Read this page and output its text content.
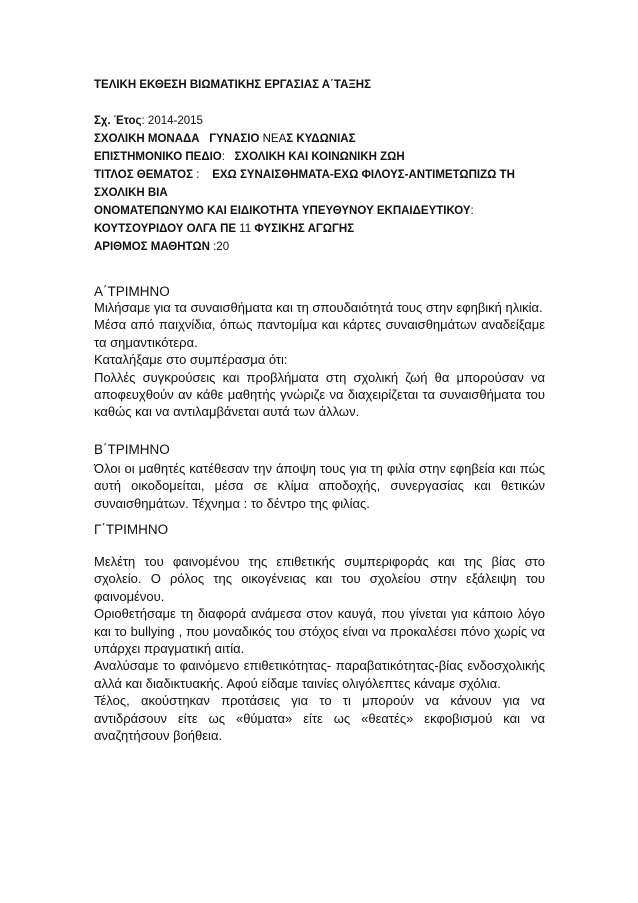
ΤΕΛΙΚΗ ΕΚΘΕΣΗ ΒΙΩΜΑΤΙΚΗΣ ΕΡΓΑΣΙΑΣ Α΄ΤΑΞΗΣ
Σχ. Έτος: 2014-2015
ΣΧΟΛΙΚΗ ΜΟΝΑΔΑ ΓΥΝΑΣΙΟ ΝΕΑΣ ΚΥΔΩΝΙΑΣ
ΕΠΙΣΤΗΜΟΝΙΚΟ ΠΕΔΙΟ: ΣΧΟΛΙΚΗ ΚΑΙ ΚΟΙΝΩΝΙΚΗ ΖΩΗ
ΤΙΤΛΟΣ ΘΕΜΑΤΟΣ : ΕΧΩ ΣΥΝΑΙΣΘΗΜΑΤΑ-ΕΧΩ ΦΙΛΟΥΣ-ΑΝΤΙΜΕΤΩΠΙΖΩ ΤΗ
ΣΧΟΛΙΚΗ ΒΙΑ
ΟΝΟΜΑΤΕΠΩΝΥΜΟ ΚΑΙ ΕΙΔΙΚΟΤΗΤΑ ΥΠΕΥΘΥΝΟΥ ΕΚΠΑΙΔΕΥΤΙΚΟΥ:
ΚΟΥΤΣΟΥΡΙΔΟΥ ΟΛΓΑ ΠΕ 11 ΦΥΣΙΚΗΣ ΑΓΩΓΗΣ
ΑΡΙΘΜΟΣ ΜΑΘΗΤΩΝ :20
Α΄ΤΡΙΜΗΝΟ

Μιλήσαμε για τα συναισθήματα και τη σπουδαιότητά τους στην εφηβική ηλικία.

Μέσα από παιχνίδια, όπως παντομίμα και κάρτες συναισθημάτων αναδείξαμε τα σημαντικότερα.

Καταλήξαμε στο συμπέρασμα ότι:

Πολλές συγκρούσεις και προβλήματα στη σχολική ζωή θα μπορούσαν να αποφευχθούν αν κάθε μαθητής γνώριζε να διαχειρίζεται τα συναισθήματα του καθώς και να αντιλαμβάνεται αυτά των άλλων.

Β΄ΤΡΙΜΗΝΟ

Όλοι οι μαθητές κατέθεσαν την άποψη τους για τη φιλία στην εφηβεία και πώς αυτή οικοδομείται, μέσα σε κλίμα αποδοχής, συνεργασίας και θετικών συναισθημάτων. Τέχνημα : το δέντρο της φιλίας.

Γ΄ΤΡΙΜΗΝΟ

Μελέτη του φαινομένου της επιθετικής συμπεριφοράς και της βίας στο σχολείο. Ο ρόλος της οικογένειας και του σχολείου στην εξάλειψη του φαινομένου.

Οριοθετήσαμε τη διαφορά ανάμεσα στον καυγά, που γίνεται για κάποιο λόγο και το bullying , που μοναδικός του στόχος είναι να προκαλέσει πόνο χωρίς να υπάρχει πραγματική αιτία.

Αναλύσαμε το φαινόμενο επιθετικότητας- παραβατικότητας-βίας ενδοσχολικής αλλά και διαδικτυακής. Αφού είδαμε ταινίες ολιγόλεπτες κάναμε σχόλια.

Τέλος, ακούστηκαν προτάσεις για το τι μπορούν να κάνουν για να αντιδράσουν είτε ως «θύματα» είτε ως «θεατές» εκφοβισμού και να αναζητήσουν βοήθεια.
